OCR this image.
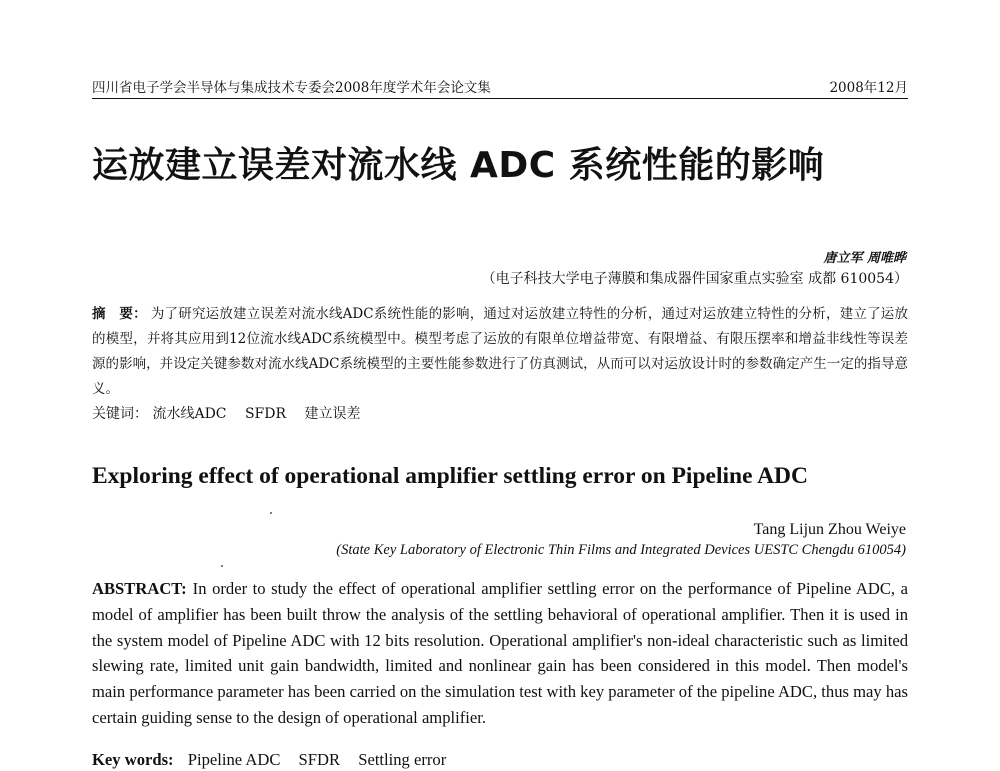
四川省电子学会半导体与集成技术专委会2008年度学术年会论文集	2008年12月
运放建立误差对流水线 ADC 系统性能的影响
唐立军 周唯晔
（电子科技大学电子薄膜和集成器件国家重点实验室 成都 610054）
摘　要： 为了研究运放建立误差对流水线ADC系统性能的影响，通过对运放建立特性的分析，通过对运放建立特性的分析，建立了运放的模型，并将其应用到12位流水线ADC系统模型中。模型考虑了运放的有限单位增益带宽、有限增益、有限压摆率和增益非线性等误差源的影响，并设定关键参数对流水线ADC系统模型的主要性能参数进行了仿真测试，从而可以对运放设计时的参数确定产生一定的指导意义。
关键词： 流水线ADC SFDR 建立误差
Exploring effect of operational amplifier settling error on Pipeline ADC
Tang Lijun Zhou Weiye
(State Key Laboratory of Electronic Thin Films and Integrated Devices UESTC Chengdu 610054)
ABSTRACT: In order to study the effect of operational amplifier settling error on the performance of Pipeline ADC, a model of amplifier has been built throw the analysis of the settling behavioral of operational amplifier. Then it is used in the system model of Pipeline ADC with 12 bits resolution. Operational amplifier's non-ideal characteristic such as limited slewing rate, limited unit gain bandwidth, limited and nonlinear gain has been considered in this model. Then model's main performance parameter has been carried on the simulation test with key parameter of the pipeline ADC, thus may has certain guiding sense to the design of operational amplifier.
Key words: Pipeline ADC SFDR Settling error
